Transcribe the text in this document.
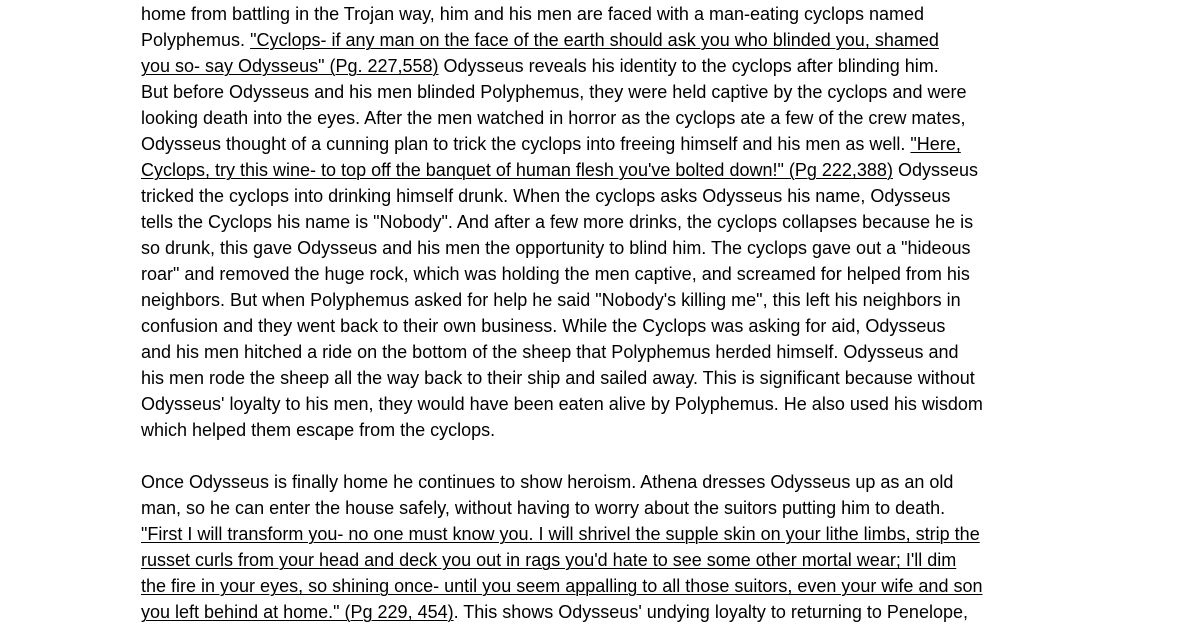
home from battling in the Trojan way, him and his men are faced with a man-eating cyclops named
Polyphemus. "Cyclops- if any man on the face of the earth should ask you who blinded you, shamed
you so- say Odysseus" (Pg. 227,558) Odysseus reveals his identity to the cyclops after blinding him.
But before Odysseus and his men blinded Polyphemus, they were held captive by the cyclops and were
looking death into the eyes. After the men watched in horror as the cyclops ate a few of the crew mates,
Odysseus thought of a cunning plan to trick the cyclops into freeing himself and his men as well. "Here,
Cyclops, try this wine- to top off the banquet of human flesh you've bolted down!" (Pg 222,388) Odysseus
tricked the cyclops into drinking himself drunk. When the cyclops asks Odysseus his name, Odysseus
tells the Cyclops his name is "Nobody". And after a few more drinks, the cyclops collapses because he is
so drunk, this gave Odysseus and his men the opportunity to blind him. The cyclops gave out a "hideous
roar" and removed the huge rock, which was holding the men captive, and screamed for helped from his
neighbors. But when Polyphemus asked for help he said "Nobody's killing me", this left his neighbors in
confusion and they went back to their own business. While the Cyclops was asking for aid, Odysseus
and his men hitched a ride on the bottom of the sheep that Polyphemus herded himself. Odysseus and
his men rode the sheep all the way back to their ship and sailed away. This is significant because without
Odysseus' loyalty to his men, they would have been eaten alive by Polyphemus. He also used his wisdom
which helped them escape from the cyclops.
Once Odysseus is finally home he continues to show heroism. Athena dresses Odysseus up as an old
man, so he can enter the house safely, without having to worry about the suitors putting him to death.
"First I will transform you- no one must know you. I will shrivel the supple skin on your lithe limbs, strip the
russet curls from your head and deck you out in rags you'd hate to see some other mortal wear; I'll dim
the fire in your eyes, so shining once- until you seem appalling to all those suitors, even your wife and son
you left behind at home." (Pg 229, 454). This shows Odysseus' undying loyalty to returning to Penelope,
